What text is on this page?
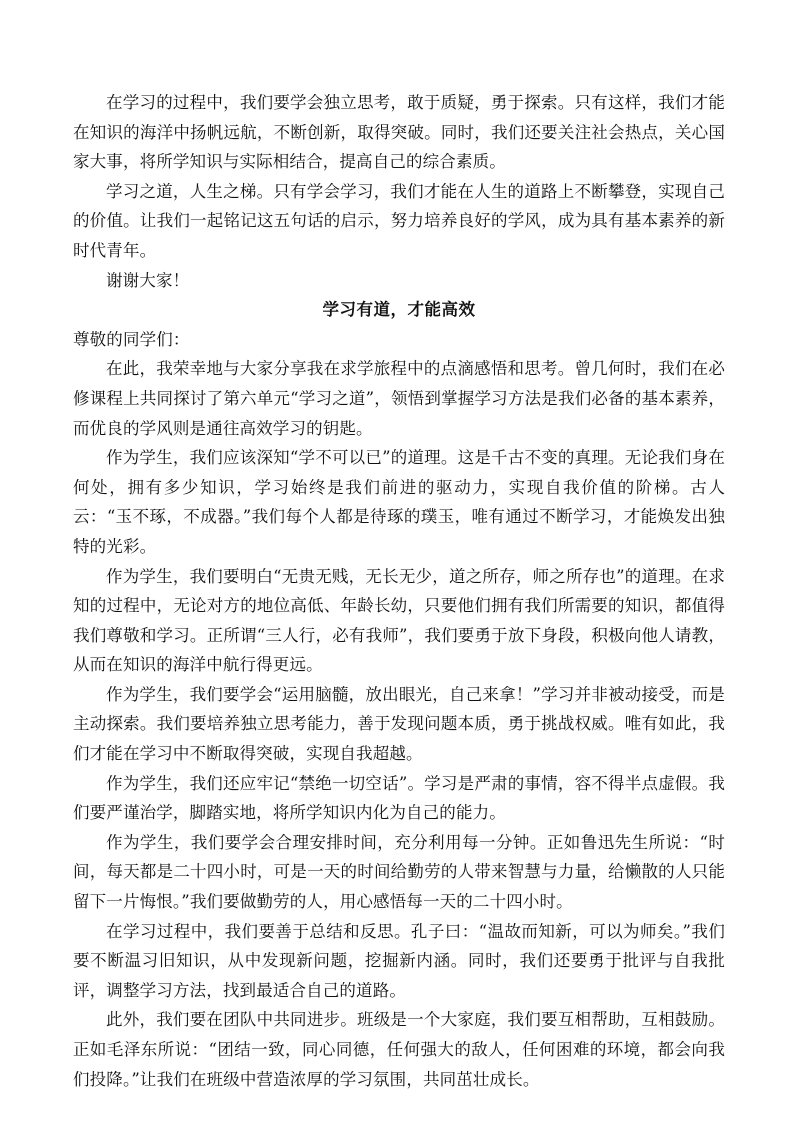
在学习的过程中，我们要学会独立思考，敢于质疑，勇于探索。只有这样，我们才能在知识的海洋中扬帆远航，不断创新，取得突破。同时，我们还要关注社会热点，关心国家大事，将所学知识与实际相结合，提高自己的综合素质。

学习之道，人生之梯。只有学会学习，我们才能在人生的道路上不断攀登，实现自己的价值。让我们一起铭记这五句话的启示，努力培养良好的学风，成为具有基本素养的新时代青年。

谢谢大家！

学习有道，才能高效

尊敬的同学们：

在此，我荣幸地与大家分享我在求学旅程中的点滴感悟和思考。曾几何时，我们在必修课程上共同探讨了第六单元“学习之道”，领悟到掌握学习方法是我们必备的基本素养，而优良的学风则是通往高效学习的钥匙。

作为学生，我们应该深知“学不可以已”的道理。这是千古不变的真理。无论我们身在何处，拥有多少知识，学习始终是我们前进的驱动力，实现自我价值的阶梯。古人云：“玉不琢，不成器。”我们每个人都是待琢的璞玉，唯有通过不断学习，才能焕发出独特的光彩。

作为学生，我们要明白“无贵无贱，无长无少，道之所存，师之所存也”的道理。在求知的过程中，无论对方的地位高低、年龄长幼，只要他们拥有我们所需要的知识，都值得我们尊敬和学习。正所谓“三人行，必有我师”，我们要勇于放下身段，积极向他人请教，从而在知识的海洋中航行得更远。

作为学生，我们要学会“运用脑髓，放出眼光，自己来拿！”学习并非被动接受，而是主动探索。我们要培养独立思考能力，善于发现问题本质，勇于挑战权威。唯有如此，我们才能在学习中不断取得突破，实现自我超越。

作为学生，我们还应牢记“禁绝一切空话”。学习是严肃的事情，容不得半点虚假。我们要严谨治学，脚踏实地，将所学知识内化为自己的能力。

作为学生，我们要学会合理安排时间，充分利用每一分钟。正如鲁迅先生所说：“时间，每天都是二十四小时，可是一天的时间给勤劳的人带来智慧与力量，给懒散的人只能留下一片悔恨。”我们要做勤劳的人，用心感悟每一天的二十四小时。

在学习过程中，我们要善于总结和反思。孔子曰：“温故而知新，可以为师矣。”我们要不断温习旧知识，从中发现新问题，挖掘新内涵。同时，我们还要勇于批评与自我批评，调整学习方法，找到最适合自己的道路。

此外，我们要在团队中共同进步。班级是一个大家庭，我们要互相帮助，互相鼓励。正如毛泽东所说：“团结一致，同心同德，任何强大的敌人，任何困难的环境，都会向我们投降。”让我们在班级中营造浓厚的学习氛围，共同茁壮成长。
